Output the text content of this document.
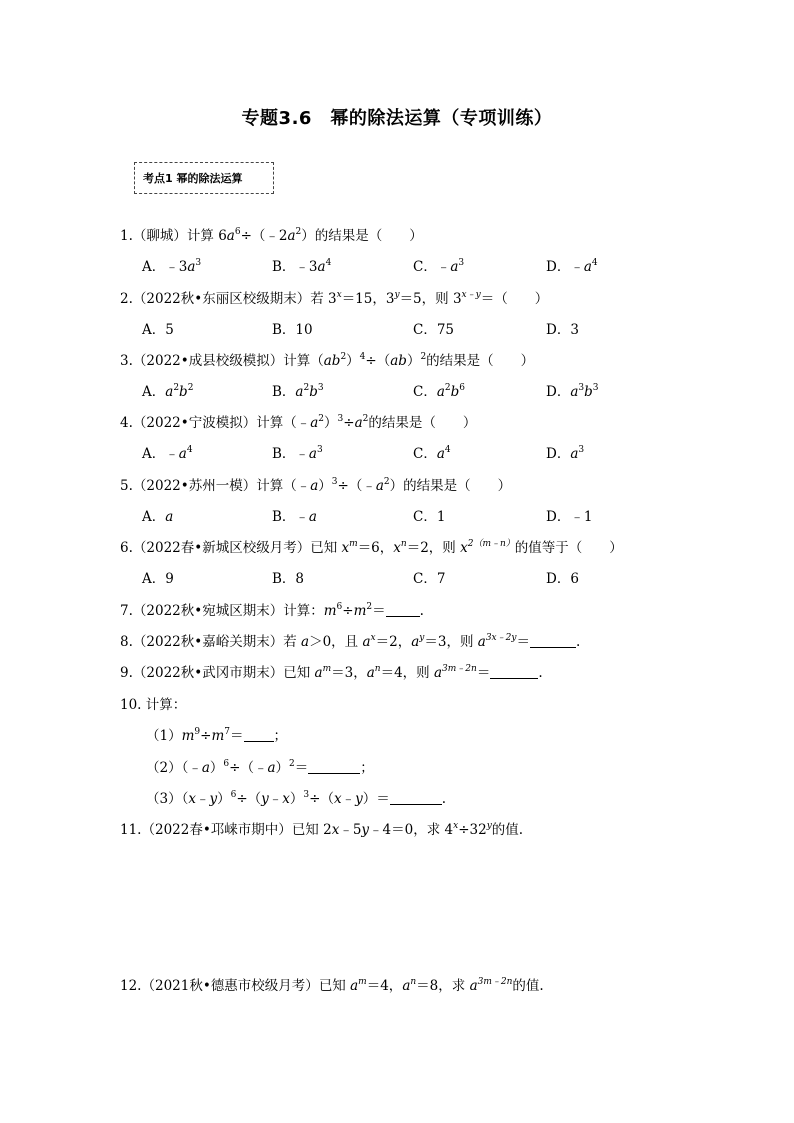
专题3.6　幂的除法运算（专项训练）
考点1 幂的除法运算
1.（聊城）计算 $6a^6\div(﹣2a^2)$的结果是（　　）
A．$﹣3a^3$	B．$﹣3a^4$	C．$﹣a^3$	D．$﹣a^4$
2.（2022秋•东丽区校级期末）若 $3^x=15$，$3^y=5$，则 $3^{x﹣y}=$（　　）
A．5	B．10	C．75	D．3
3.（2022•成县校级模拟）计算$(ab^2)^4\div(ab)^2$的结果是（　　）
A．$a^2b^2$	B．$a^2b^3$	C．$a^2b^6$	D．$a^3b^3$
4.（2022•宁波模拟）计算$(﹣a^2)^3\div a^2$的结果是（　　）
A．$﹣a^4$	B．$﹣a^3$	C．$a^4$	D．$a^3$
5.（2022•苏州一模）计算$(﹣a)^3\div(﹣a^2)$的结果是（　　）
A．a	B．﹣a	C．1	D．﹣1
6.（2022春•新城区校级月考）已知 $x^m=6$，$x^n=2$，则 $x^{2(m﹣n)}$的值等于（　　）
A．9	B．8	C．7	D．6
7.（2022秋•宛城区期末）计算：$m^6\div m^2=$	.
8.（2022秋•嘉峪关期末）若 a＞0，且 $a^x=2$，$a^y=3$，则 $a^{3x﹣2y}=$	.
9.（2022秋•武冈市期末）已知 $a^m=3$，$a^n=4$，则 $a^{3m﹣2n}=$	.
10. 计算：
$(1)m^9\div m^7=$ ；
（2）（﹣a）$^6$÷（﹣a）$^2$＝	；
（3）（x﹣y）$^6$÷（y﹣x）$^3$÷（x﹣y）＝	.
11.（2022春•邛崃市期中）已知 2x﹣5y﹣4＝0，求 $4^x\div 32^y$的值.
12.（2021秋•德惠市校级月考）已知 $a^m=4$，$a^n=8$，求 $a^{3m﹣2n}$的值.
